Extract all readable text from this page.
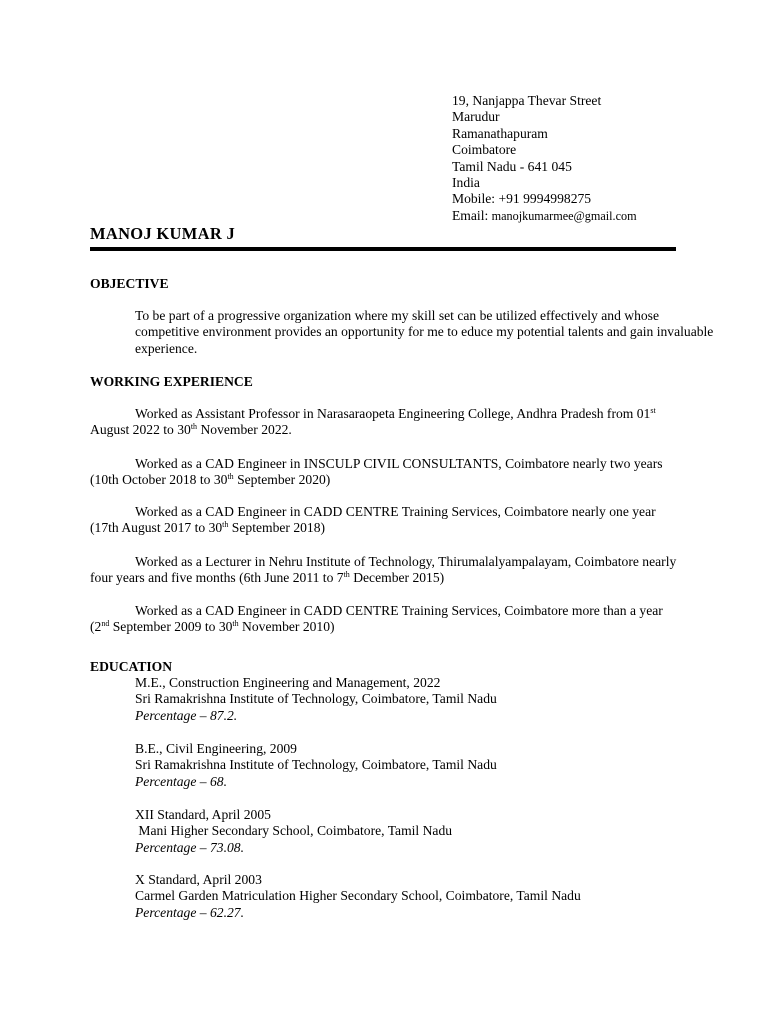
19, Nanjappa Thevar Street
Marudur
Ramanathapuram
Coimbatore
Tamil Nadu - 641 045
India
Mobile: +91 9994998275
Email: manojkumarmee@gmail.com
MANOJ KUMAR J
OBJECTIVE
To be part of a progressive organization where my skill set can be utilized effectively and whose competitive environment provides an opportunity for me to educe my potential talents and gain invaluable experience.
WORKING EXPERIENCE
Worked as Assistant Professor in Narasaraopeta Engineering College, Andhra Pradesh from 01st August 2022 to 30th November 2022.
Worked as a CAD Engineer in INSCULP CIVIL CONSULTANTS, Coimbatore nearly two years (10th October 2018 to 30th September 2020)
Worked as a CAD Engineer in CADD CENTRE Training Services, Coimbatore nearly one year (17th August 2017 to 30th September 2018)
Worked as a Lecturer in Nehru Institute of Technology, Thirumalalyampalayam, Coimbatore nearly four years and five months (6th June 2011 to 7th December 2015)
Worked as a CAD Engineer in CADD CENTRE Training Services, Coimbatore more than a year (2nd September 2009 to 30th November 2010)
EDUCATION
M.E., Construction Engineering and Management, 2022
Sri Ramakrishna Institute of Technology, Coimbatore, Tamil Nadu
Percentage – 87.2.
B.E., Civil Engineering, 2009
Sri Ramakrishna Institute of Technology, Coimbatore, Tamil Nadu
Percentage – 68.
XII Standard, April 2005
Mani Higher Secondary School, Coimbatore, Tamil Nadu
Percentage – 73.08.
X Standard, April 2003
Carmel Garden Matriculation Higher Secondary School, Coimbatore, Tamil Nadu
Percentage – 62.27.
